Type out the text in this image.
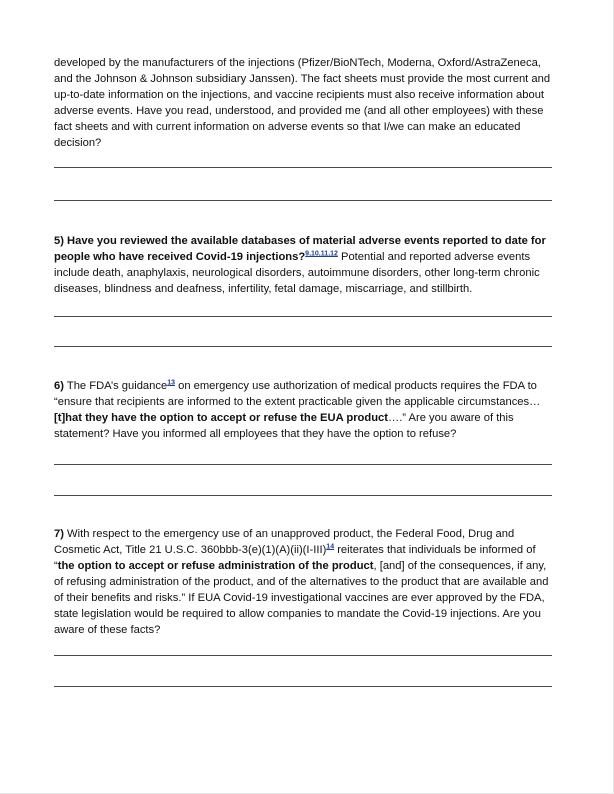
developed by the manufacturers of the injections (Pfizer/BioNTech, Moderna, Oxford/AstraZeneca, and the Johnson & Johnson subsidiary Janssen). The fact sheets must provide the most current and up-to-date information on the injections, and vaccine recipients must also receive information about adverse events. Have you read, understood, and provided me (and all other employees) with these fact sheets and with current information on adverse events so that I/we can make an educated decision?

5) Have you reviewed the available databases of material adverse events reported to date for people who have received Covid-19 injections?$^{9,10,11,12}$ Potential and reported adverse events include death, anaphylaxis, neurological disorders, autoimmune disorders, other long-term chronic diseases, blindness and deafness, infertility, fetal damage, miscarriage, and stillbirth.

6) The FDA’s guidance$^{13}$ on emergency use authorization of medical products requires the FDA to “ensure that recipients are informed to the extent practicable given the applicable circumstances… [t]hat they have the option to accept or refuse the EUA product….” Are you aware of this statement? Have you informed all employees that they have the option to refuse?

7) With respect to the emergency use of an unapproved product, the Federal Food, Drug and Cosmetic Act, Title 21 U.S.C. $360bbb-3(e)(1)(A)(ii)(I-III)^{14}$ reiterates that individuals be informed of “the option to accept or refuse administration of the product, [and] of the consequences, if any, of refusing administration of the product, and of the alternatives to the product that are available and of their benefits and risks.” If EUA Covid-19 investigational vaccines are ever approved by the FDA, state legislation would be required to allow companies to mandate the Covid-19 injections. Are you aware of these facts?
